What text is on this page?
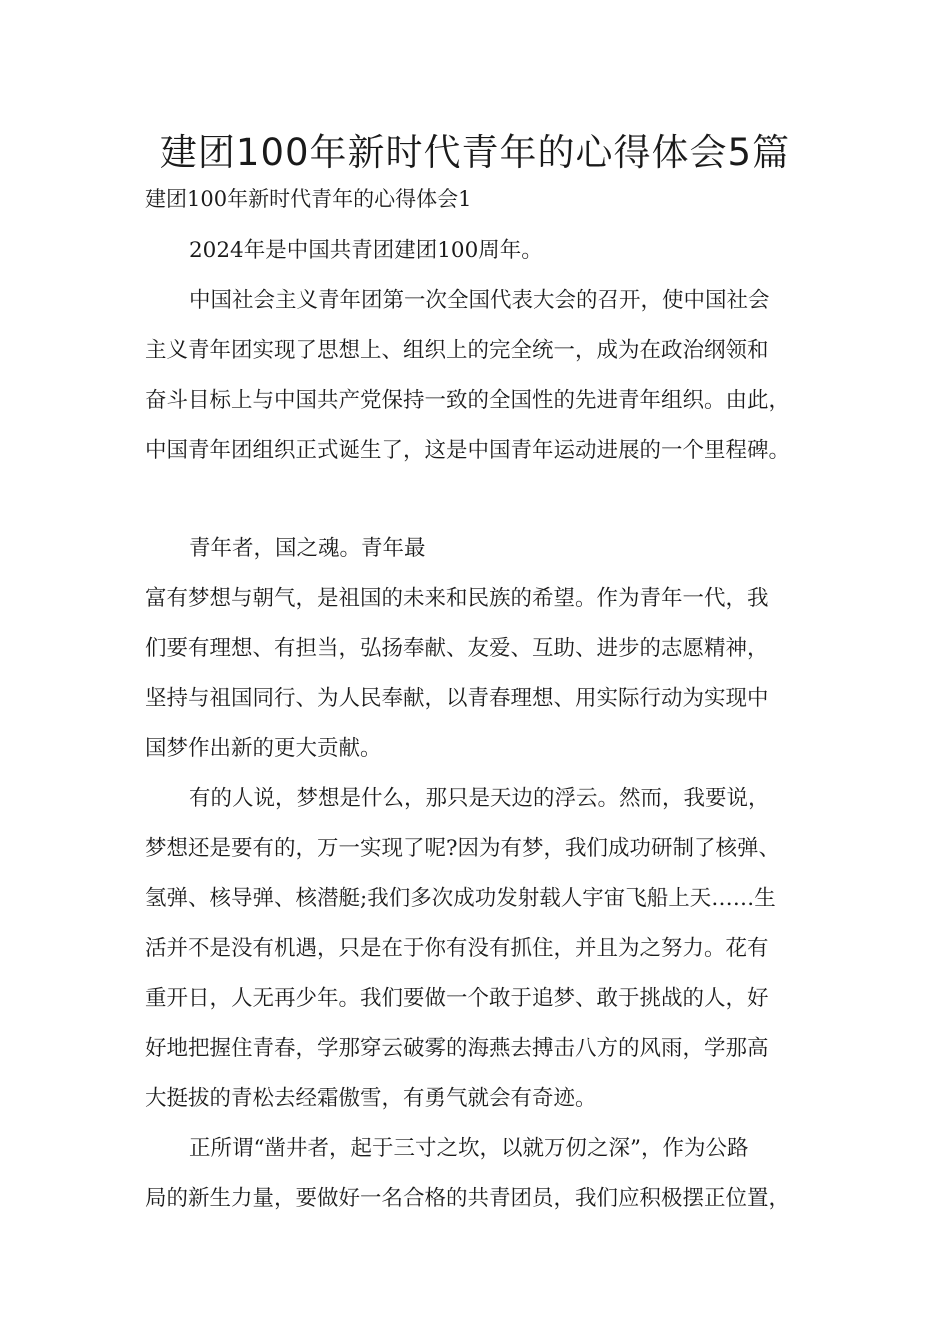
建团100年新时代青年的心得体会5篇

建团100年新时代青年的心得体会1

2024年是中国共青团建团100周年。

中国社会主义青年团第一次全国代表大会的召开，使中国社会
主义青年团实现了思想上、组织上的完全统一，成为在政治纲领和
奋斗目标上与中国共产党保持一致的全国性的先进青年组织。由此，
中国青年团组织正式诞生了，这是中国青年运动进展的一个里程碑。

青年者，国之魂。青年最
富有梦想与朝气，是祖国的未来和民族的希望。作为青年一代，我
们要有理想、有担当，弘扬奉献、友爱、互助、进步的志愿精神，
坚持与祖国同行、为人民奉献，以青春理想、用实际行动为实现中
国梦作出新的更大贡献。

有的人说，梦想是什么，那只是天边的浮云。然而，我要说，
梦想还是要有的，万一实现了呢?因为有梦，我们成功研制了核弹、
氢弹、核导弹、核潜艇;我们多次成功发射载人宇宙飞船上天……生
活并不是没有机遇，只是在于你有没有抓住，并且为之努力。花有
重开日，人无再少年。我们要做一个敢于追梦、敢于挑战的人，好
好地把握住青春，学那穿云破雾的海燕去搏击八方的风雨，学那高
大挺拔的青松去经霜傲雪，有勇气就会有奇迹。

正所谓“凿井者，起于三寸之坎，以就万仞之深”，作为公路
局的新生力量，要做好一名合格的共青团员，我们应积极摆正位置，
